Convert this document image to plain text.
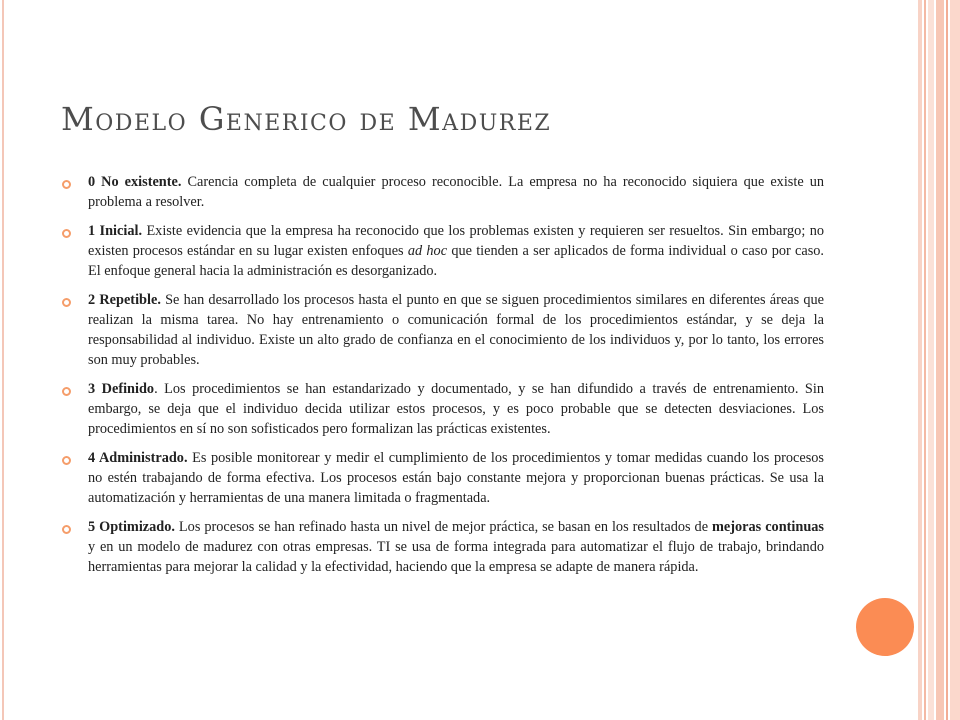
Modelo Generico de Madurez
0 No existente. Carencia completa de cualquier proceso reconocible. La empresa no ha reconocido siquiera que existe un problema a resolver.
1 Inicial. Existe evidencia que la empresa ha reconocido que los problemas existen y requieren ser resueltos. Sin embargo; no existen procesos estándar en su lugar existen enfoques ad hoc que tienden a ser aplicados de forma individual o caso por caso. El enfoque general hacia la administración es desorganizado.
2 Repetible. Se han desarrollado los procesos hasta el punto en que se siguen procedimientos similares en diferentes áreas que realizan la misma tarea. No hay entrenamiento o comunicación formal de los procedimientos estándar, y se deja la responsabilidad al individuo. Existe un alto grado de confianza en el conocimiento de los individuos y, por lo tanto, los errores son muy probables.
3 Definido. Los procedimientos se han estandarizado y documentado, y se han difundido a través de entrenamiento. Sin embargo, se deja que el individuo decida utilizar estos procesos, y es poco probable que se detecten desviaciones. Los procedimientos en sí no son sofisticados pero formalizan las prácticas existentes.
4 Administrado. Es posible monitorear y medir el cumplimiento de los procedimientos y tomar medidas cuando los procesos no estén trabajando de forma efectiva. Los procesos están bajo constante mejora y proporcionan buenas prácticas. Se usa la automatización y herramientas de una manera limitada o fragmentada.
5 Optimizado. Los procesos se han refinado hasta un nivel de mejor práctica, se basan en los resultados de mejoras continuas y en un modelo de madurez con otras empresas. TI se usa de forma integrada para automatizar el flujo de trabajo, brindando herramientas para mejorar la calidad y la efectividad, haciendo que la empresa se adapte de manera rápida.
